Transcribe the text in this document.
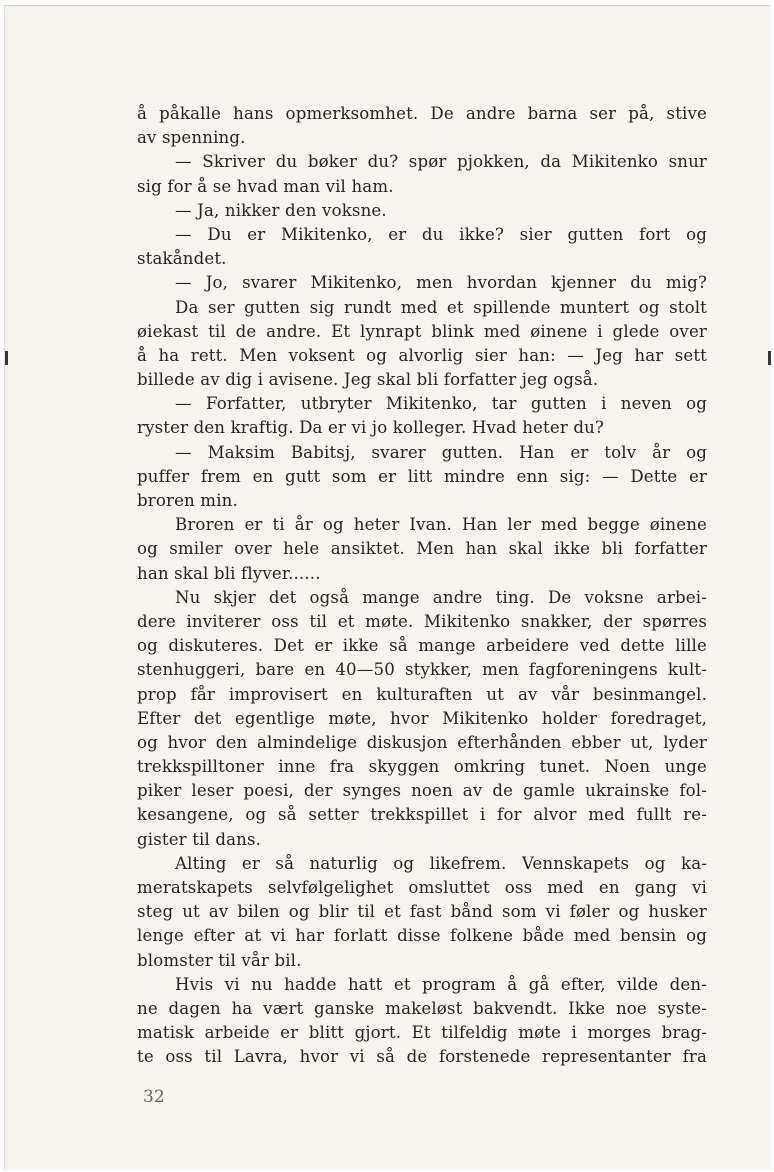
å påkalle hans opmerksomhet. De andre barna ser på, stive
av spenning.
— Skriver du bøker du? spør pjokken, da Mikitenko snur
sig for å se hvad man vil ham.
— Ja, nikker den voksne.
— Du er Mikitenko, er du ikke? sier gutten fort og
stakåndet.
— Jo, svarer Mikitenko, men hvordan kjenner du mig?
Da ser gutten sig rundt med et spillende muntert og stolt
øiekast til de andre. Et lynrapt blink med øinene i glede over
å ha rett. Men voksent og alvorlig sier han: — Jeg har sett
billede av dig i avisene. Jeg skal bli forfatter jeg også.
— Forfatter, utbryter Mikitenko, tar gutten i neven og
ryster den kraftig. Da er vi jo kolleger. Hvad heter du?
— Maksim Babitsj, svarer gutten. Han er tolv år og
puffer frem en gutt som er litt mindre enn sig: — Dette er
broren min.
Broren er ti år og heter Ivan. Han ler med begge øinene
og smiler over hele ansiktet. Men han skal ikke bli forfatter
han skal bli flyver......
Nu skjer det også mange andre ting. De voksne arbei-
dere inviterer oss til et møte. Mikitenko snakker, der spørres
og diskuteres. Det er ikke så mange arbeidere ved dette lille
stenhuggeri, bare en 40—50 stykker, men fagforeningens kult-
prop får improvisert en kulturaften ut av vår besinmangel.
Efter det egentlige møte, hvor Mikitenko holder foredraget,
og hvor den almindelige diskusjon efterhånden ebber ut, lyder
trekkspilltoner inne fra skyggen omkring tunet. Noen unge
piker leser poesi, der synges noen av de gamle ukrainske fol-
kesangene, og så setter trekkspillet i for alvor med fullt re-
gister til dans.
Alting er så naturlig og likefrem. Vennskapets og ka-
meratskapets selvfølgelighet omsluttet oss med en gang vi
steg ut av bilen og blir til et fast bånd som vi føler og husker
lenge efter at vi har forlatt disse folkene både med bensin og
blomster til vår bil.
Hvis vi nu hadde hatt et program å gå efter, vilde den-
ne dagen ha vært ganske makeløst bakvendt. Ikke noe syste-
matisk arbeide er blitt gjort. Et tilfeldig møte i morges brag-
te oss til Lavra, hvor vi så de forstenede representanter fra
32
